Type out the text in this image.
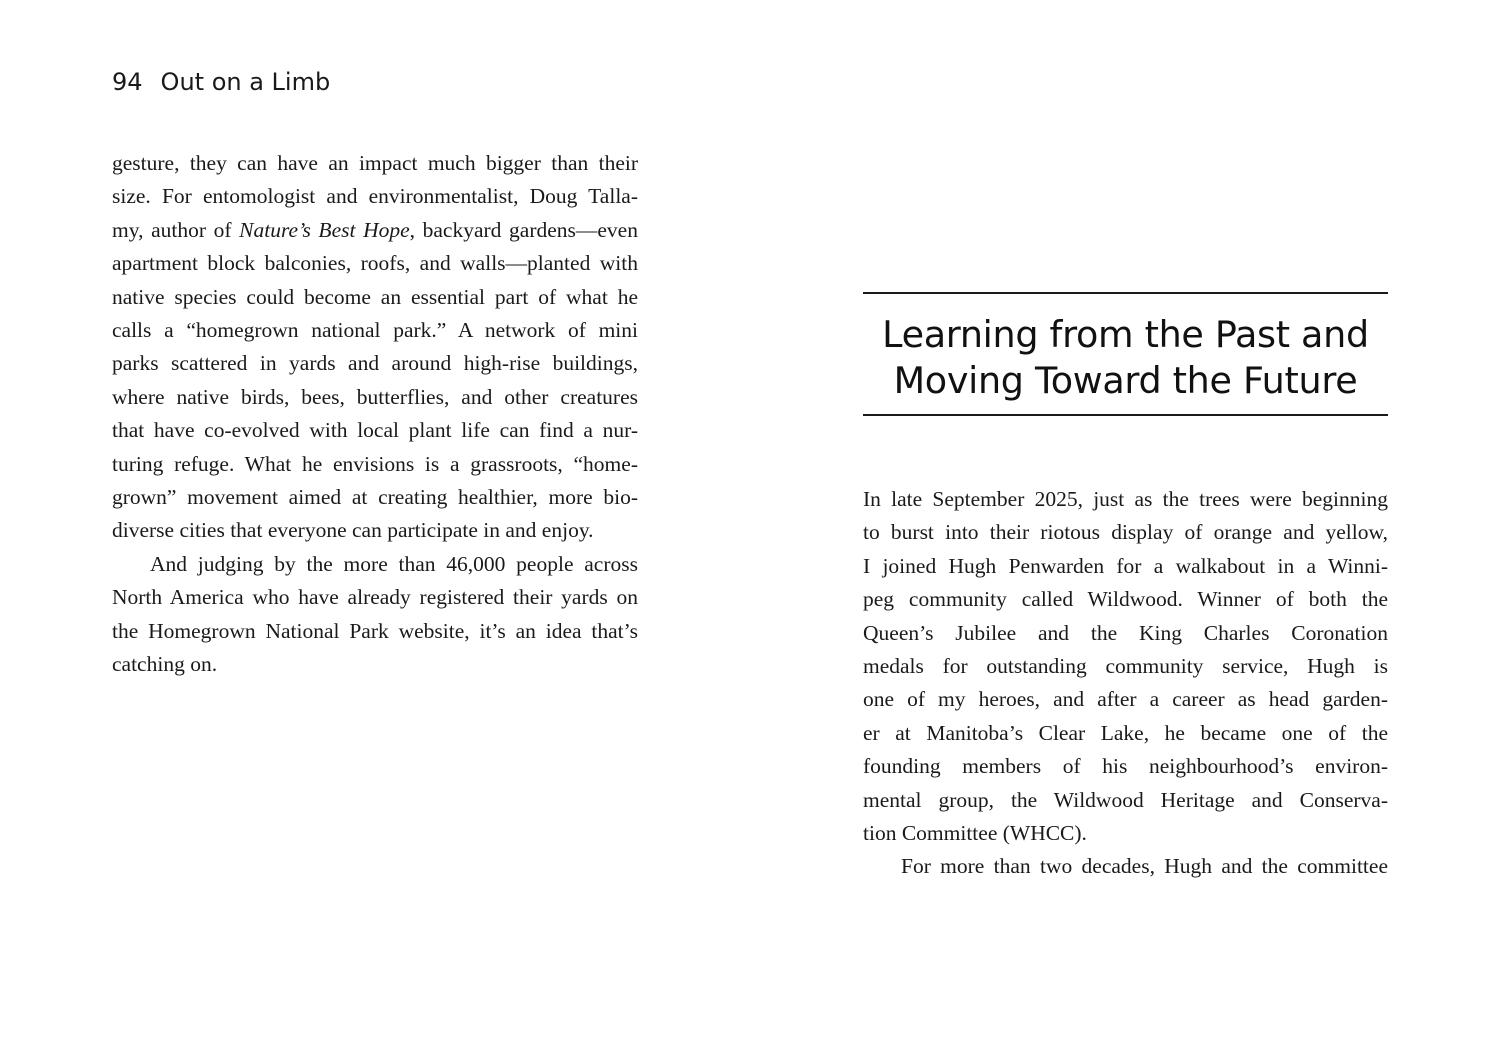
94 Out on a Limb

gesture, they can have an impact much bigger than their
size. For entomologist and environmentalist, Doug Talla-
my, author of Nature’s Best Hope, backyard gardens—even
apartment block balconies, roofs, and walls—planted with
native species could become an essential part of what he
calls a “homegrown national park.” A network of mini
parks scattered in yards and around high-rise buildings,
where native birds, bees, butterflies, and other creatures
that have co-evolved with local plant life can find a nur-
turing refuge. What he envisions is a grassroots, “home-
grown” movement aimed at creating healthier, more bio-
diverse cities that everyone can participate in and enjoy.

And judging by the more than 46,000 people across
North America who have already registered their yards on
the Homegrown National Park website, it’s an idea that’s
catching on.

Learning from the Past and
Moving Toward the Future

In late September 2025, just as the trees were beginning
to burst into their riotous display of orange and yellow,
I joined Hugh Penwarden for a walkabout in a Winni-
peg community called Wildwood. Winner of both the
Queen’s Jubilee and the King Charles Coronation
medals for outstanding community service, Hugh is
one of my heroes, and after a career as head garden-
er at Manitoba’s Clear Lake, he became one of the
founding members of his neighbourhood’s environ-
mental group, the Wildwood Heritage and Conserva-
tion Committee (WHCC).

For more than two decades, Hugh and the committee
